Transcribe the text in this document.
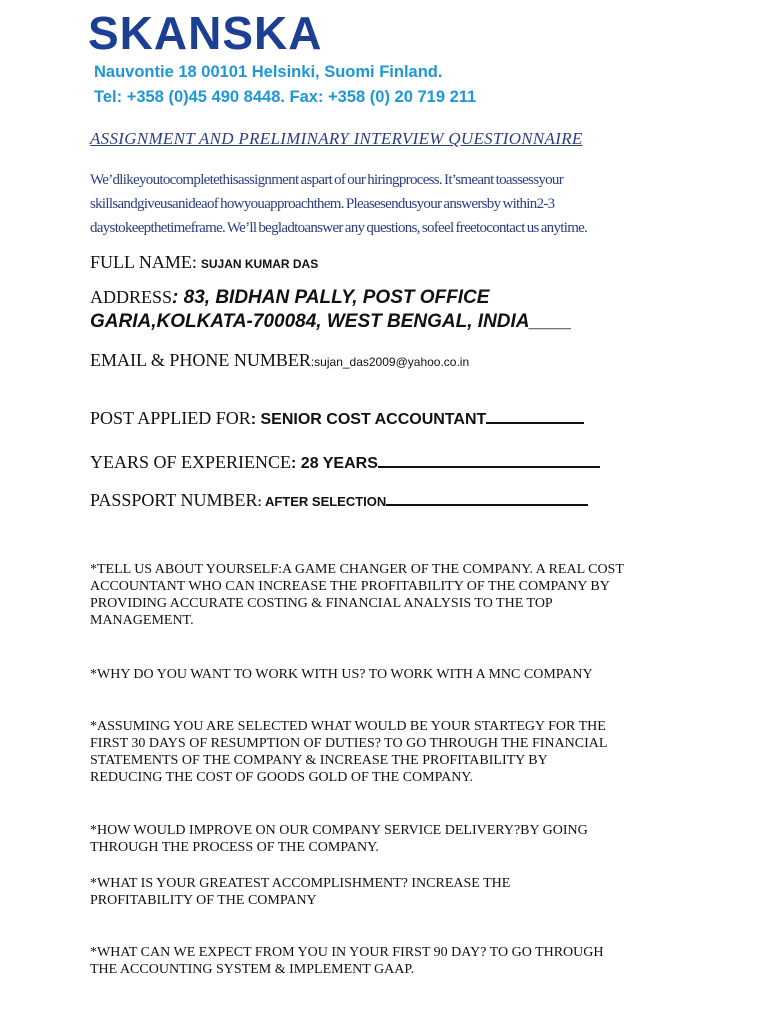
SKANSKA
Nauvontie 18 00101 Helsinki, Suomi Finland.
Tel: +358 (0)45 490 8448. Fax: +358 (0) 20 719 211
ASSIGNMENT AND PRELIMINARY INTERVIEW QUESTIONNAIRE
We’dlikeyoutocompletethisassignment aspart of our hiringprocess. It’smeant toassessyour
skillsandgiveusanideaof howyouapproachthem. Pleasesendusyour answersby within2-3
daystokeepthetimeframe. We’ll begladtoanswer any questions, sofeel freetocontact us anytime.
FULL NAME: SUJAN KUMAR DAS
ADDRESS: 83, BIDHAN PALLY, POST OFFICE
GARIA,KOLKATA-700084, WEST BENGAL, INDIA____
EMAIL & PHONE NUMBER:sujan_das2009@yahoo.co.in
POST APPLIED FOR: SENIOR COST ACCOUNTANT
YEARS OF EXPERIENCE: 28 YEARS
PASSPORT NUMBER: AFTER SELECTION
*TELL US ABOUT YOURSELF:A GAME CHANGER OF THE COMPANY. A REAL COST
ACCOUNTANT WHO CAN INCREASE THE PROFITABILITY OF THE COMPANY BY
PROVIDING ACCURATE COSTING & FINANCIAL ANALYSIS TO THE TOP
MANAGEMENT.
*WHY DO YOU WANT TO WORK WITH US? TO WORK WITH A MNC COMPANY
*ASSUMING YOU ARE SELECTED WHAT WOULD BE YOUR STARTEGY FOR THE
FIRST 30 DAYS OF RESUMPTION OF DUTIES? TO GO THROUGH THE FINANCIAL
STATEMENTS OF THE COMPANY & INCREASE THE PROFITABILITY BY
REDUCING THE COST OF GOODS GOLD OF THE COMPANY.
*HOW WOULD IMPROVE ON OUR COMPANY SERVICE DELIVERY?BY GOING
THROUGH THE PROCESS OF THE COMPANY.
*WHAT IS YOUR GREATEST ACCOMPLISHMENT? INCREASE THE
PROFITABILITY OF THE COMPANY
*WHAT CAN WE EXPECT FROM YOU IN YOUR FIRST 90 DAY? TO GO THROUGH
THE ACCOUNTING SYSTEM & IMPLEMENT GAAP.
